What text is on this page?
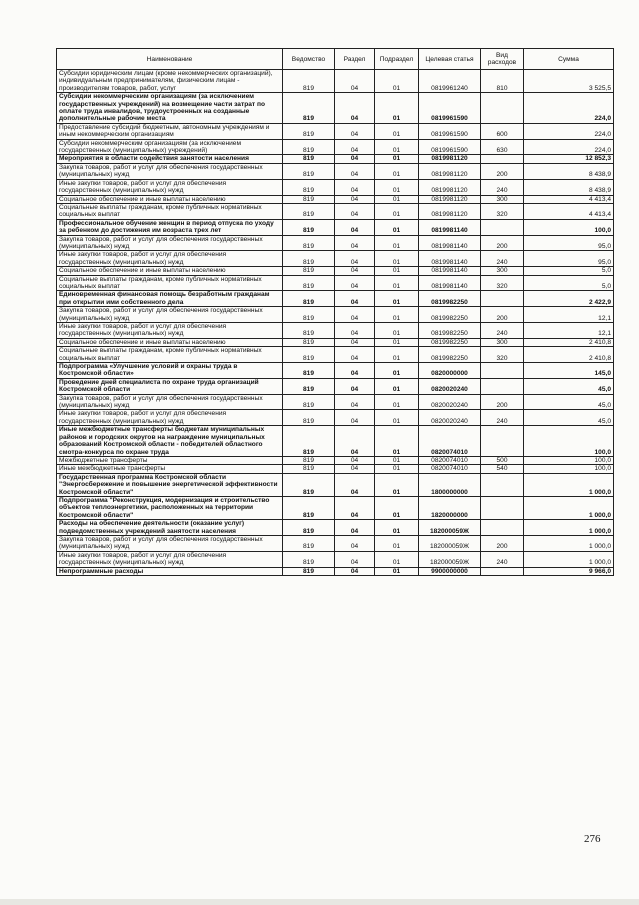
Наименование	Ведомство	Раздел	Подраздел	Целевая статья	Вид расходов	Сумма
Субсидии юридическим лицам (кроме некоммерческих организаций), индивидуальным предпринимателям, физическим лицам - производителям товаров, работ, услуг	819	04	01	0819961240	810	3 525,5
Субсидии некоммерческим организациям (за исключением государственных учреждений) на возмещение части затрат по оплате труда инвалидов, трудоустроенных на созданные дополнительные рабочие места	819	04	01	0819961590		224,0
Предоставление субсидий бюджетным, автономным учреждениям и иным некоммерческим организациям	819	04	01	0819961590	600	224,0
Субсидии некоммерческим организациям (за исключением государственных (муниципальных) учреждений)	819	04	01	0819961590	630	224,0
Мероприятия в области содействия занятости населения	819	04	01	0819981120		12 852,3
Закупка товаров, работ и услуг для обеспечения государственных (муниципальных) нужд	819	04	01	0819981120	200	8 438,9
Иные закупки товаров, работ и услуг для обеспечения государственных (муниципальных) нужд	819	04	01	0819981120	240	8 438,9
Социальное обеспечение и иные выплаты населению	819	04	01	0819981120	300	4 413,4
Социальные выплаты гражданам, кроме публичных нормативных социальных выплат	819	04	01	0819981120	320	4 413,4
Профессиональное обучение женщин в период отпуска по уходу за ребенком до достижения им возраста трех лет	819	04	01	0819981140		100,0
Закупка товаров, работ и услуг для обеспечения государственных (муниципальных) нужд	819	04	01	0819981140	200	95,0
Иные закупки товаров, работ и услуг для обеспечения государственных (муниципальных) нужд	819	04	01	0819981140	240	95,0
Социальное обеспечение и иные выплаты населению	819	04	01	0819981140	300	5,0
Социальные выплаты гражданам, кроме публичных нормативных социальных выплат	819	04	01	0819981140	320	5,0
Единовременная финансовая помощь безработным гражданам при открытии ими собственного дела	819	04	01	0819982250		2 422,9
Закупка товаров, работ и услуг для обеспечения государственных (муниципальных) нужд	819	04	01	0819982250	200	12,1
Иные закупки товаров, работ и услуг для обеспечения государственных (муниципальных) нужд	819	04	01	0819982250	240	12,1
Социальное обеспечение и иные выплаты населению	819	04	01	0819982250	300	2 410,8
Социальные выплаты гражданам, кроме публичных нормативных социальных выплат	819	04	01	0819982250	320	2 410,8
Подпрограмма «Улучшение условий и охраны труда в Костромской области»	819	04	01	0820000000		145,0
Проведение дней специалиста по охране труда организаций Костромской области	819	04	01	0820020240		45,0
Закупка товаров, работ и услуг для обеспечения государственных (муниципальных) нужд	819	04	01	0820020240	200	45,0
Иные закупки товаров, работ и услуг для обеспечения государственных (муниципальных) нужд	819	04	01	0820020240	240	45,0
Иные межбюджетные трансферты бюджетам муниципальных районов и городских округов на награждение муниципальных образований Костромской области - победителей областного смотра-конкурса по охране труда	819	04	01	0820074010		100,0
Межбюджетные трансферты	819	04	01	0820074010	500	100,0
Иные межбюджетные трансферты	819	04	01	0820074010	540	100,0
Государственная программа Костромской области "Энергосбережение и повышение энергетической эффективности Костромской области"	819	04	01	1800000000		1 000,0
Подпрограмма "Реконструкция, модернизация и строительство объектов теплоэнергетики, расположенных на территории Костромской области"	819	04	01	1820000000		1 000,0
Расходы на обеспечение деятельности (оказание услуг) подведомственных учреждений занятости населения	819	04	01	182000059Ж		1 000,0
Закупка товаров, работ и услуг для обеспечения государственных (муниципальных) нужд	819	04	01	182000059Ж	200	1 000,0
Иные закупки товаров, работ и услуг для обеспечения государственных (муниципальных) нужд	819	04	01	182000059Ж	240	1 000,0
Непрограммные расходы	819	04	01	9900000000		9 966,0
276
